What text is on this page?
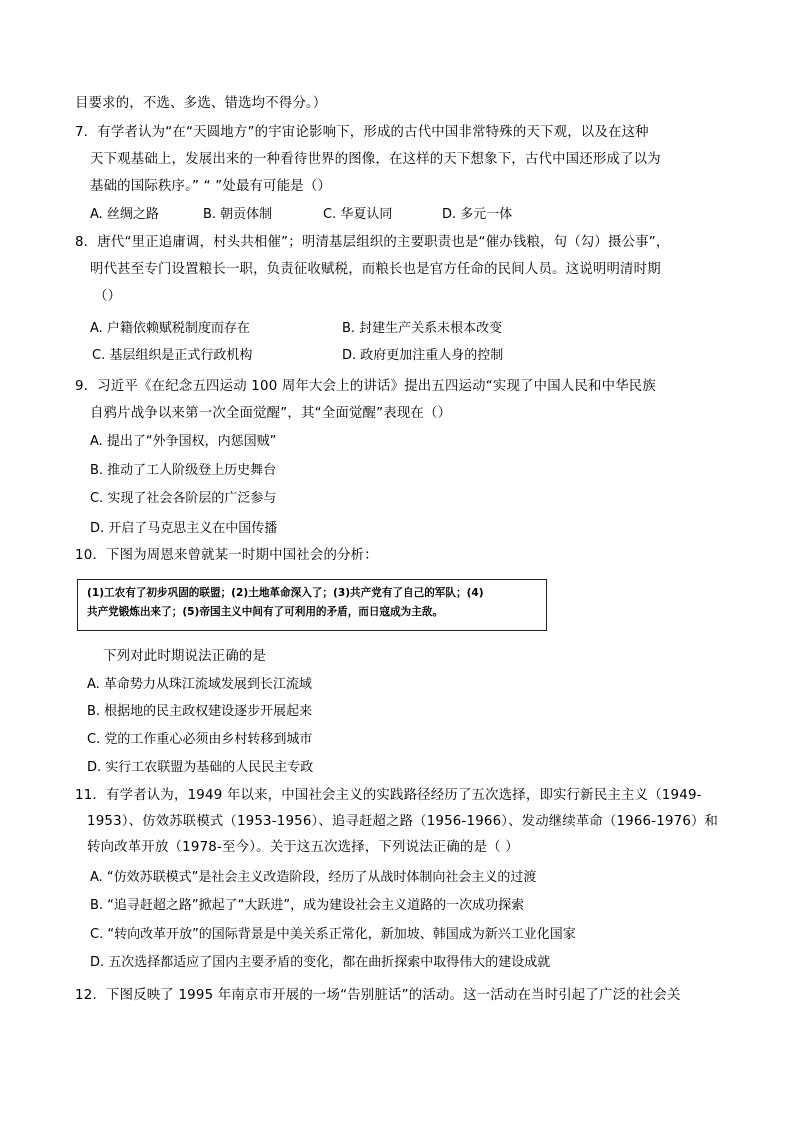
目要求的，不选、多选、错选均不得分。）
7．有学者认为“在“天圆地方”的宇宙论影响下，形成的古代中国非常特殊的天下观，以及在这种
天下观基础上，发展出来的一种看待世界的图像，在这样的天下想象下，古代中国还形成了以为
基础的国际秩序。” “ ”处最有可能是（）
A. 丝绸之路	B. 朝贡体制	C. 华夏认同	D. 多元一体
8．唐代“里正追庸调，村头共相催”；明清基层组织的主要职责也是“催办钱粮，句（勾）摄公事”，
明代甚至专门设置粮长一职，负责征收赋税，而粮长也是官方任命的民间人员。这说明明清时期
（）
A. 户籍依赖赋税制度而存在	B. 封建生产关系未根本改变
C. 基层组织是正式行政机构	D. 政府更加注重人身的控制
9．习近平《在纪念五四运动 100 周年大会上的讲话》提出五四运动“实现了中国人民和中华民族
自鸦片战争以来第一次全面觉醒”，其“全面觉醒”表现在（）
A. 提出了“外争国权，内惩国贼”
B. 推动了工人阶级登上历史舞台
C. 实现了社会各阶层的广泛参与
D. 开启了马克思主义在中国传播
10．下图为周恩来曾就某一时期中国社会的分析：
(1)工农有了初步巩固的联盟；(2)土地革命深入了；(3)共产党有了自己的军队；(4)
共产党锻炼出来了；(5)帝国主义中间有了可利用的矛盾，而日寇成为主敌。
下列对此时期说法正确的是
A. 革命势力从珠江流域发展到长江流域
B. 根据地的民主政权建设逐步开展起来
C. 党的工作重心必须由乡村转移到城市
D. 实行工农联盟为基础的人民民主专政
11．有学者认为，1949 年以来，中国社会主义的实践路径经历了五次选择，即实行新民主主义（1949-
1953）、仿效苏联模式（1953-1956）、追寻赶超之路（1956-1966）、发动继续革命（1966-1976）和
转向改革开放（1978-至今）。关于这五次选择，下列说法正确的是（ ）
A. “仿效苏联模式”是社会主义改造阶段，经历了从战时体制向社会主义的过渡
B. “追寻赶超之路”掀起了“大跃进”，成为建设社会主义道路的一次成功探索
C. “转向改革开放”的国际背景是中美关系正常化，新加坡、韩国成为新兴工业化国家
D. 五次选择都适应了国内主要矛盾的变化，都在曲折探索中取得伟大的建设成就
12．下图反映了 1995 年南京市开展的一场“告别脏话”的活动。这一活动在当时引起了广泛的社会关
